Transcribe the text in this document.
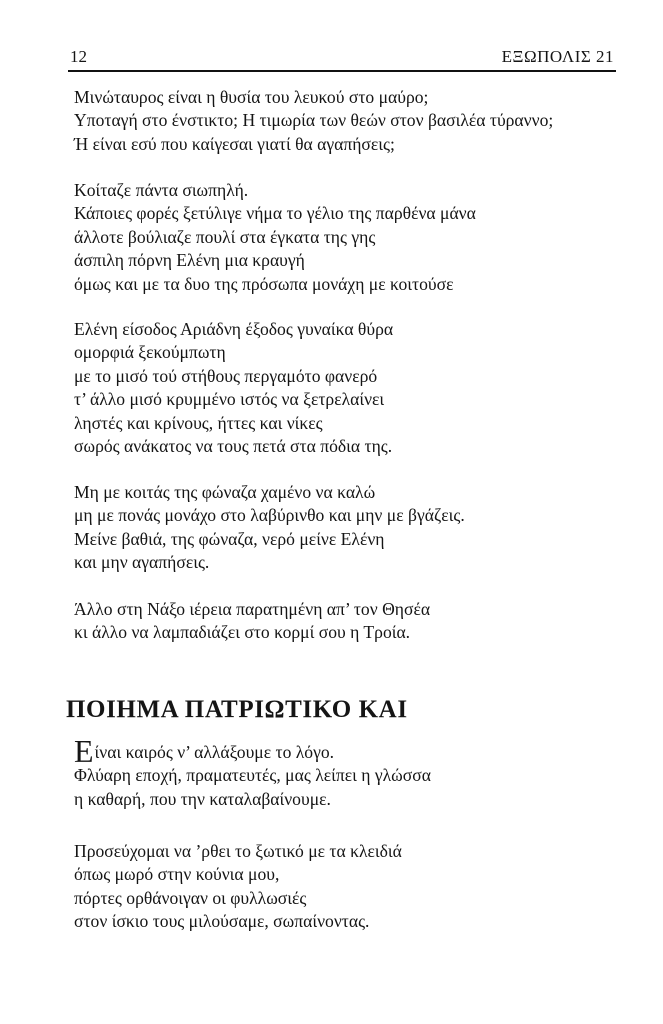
12	ΕΞΩΠΟΛΙΣ 21
Μινώταυρος είναι η θυσία του λευκού στο μαύρο;
Υποταγή στο ένστικτο; Η τιμωρία των θεών στον βασιλέα τύραννο;
Ή είναι εσύ που καίγεσαι γιατί θα αγαπήσεις;
Κοίταζε πάντα σιωπηλή.
Κάποιες φορές ξετύλιγε νήμα το γέλιο της παρθένα μάνα
άλλοτε βούλιαζε πουλί στα έγκατα της γης
άσπιλη πόρνη Ελένη μια κραυγή
όμως και με τα δυο της πρόσωπα μονάχη με κοιτούσε
Ελένη είσοδος Αριάδνη έξοδος γυναίκα θύρα
ομορφιά ξεκούμπωτη
με το μισό τού στήθους περγαμότο φανερό
τ’ άλλο μισό κρυμμένο ιστός να ξετρελαίνει
ληστές και κρίνους, ήττες και νίκες
σωρός ανάκατος να τους πετά στα πόδια της.
Μη με κοιτάς της φώναζα χαμένο να καλώ
μη με πονάς μονάχο στο λαβύρινθο και μην με βγάζεις.
Μείνε βαθιά, της φώναζα, νερό μείνε Ελένη
και μην αγαπήσεις.
Άλλο στη Νάξο ιέρεια παρατημένη απ’ τον Θησέα
κι άλλο να λαμπαδιάζει στο κορμί σου η Τροία.
ΠΟΙΗΜΑ ΠΑΤΡΙΩΤΙΚΟ ΚΑΙ
Είναι καιρός ν’ αλλάξουμε το λόγο.
Φλύαρη εποχή, πραματευτές, μας λείπει η γλώσσα
η καθαρή, που την καταλαβαίνουμε.
Προσεύχομαι να ’ρθει το ξωτικό με τα κλειδιά
όπως μωρό στην κούνια μου,
πόρτες ορθάνοιγαν οι φυλλωσιές
στον ίσκιο τους μιλούσαμε, σωπαίνοντας.
